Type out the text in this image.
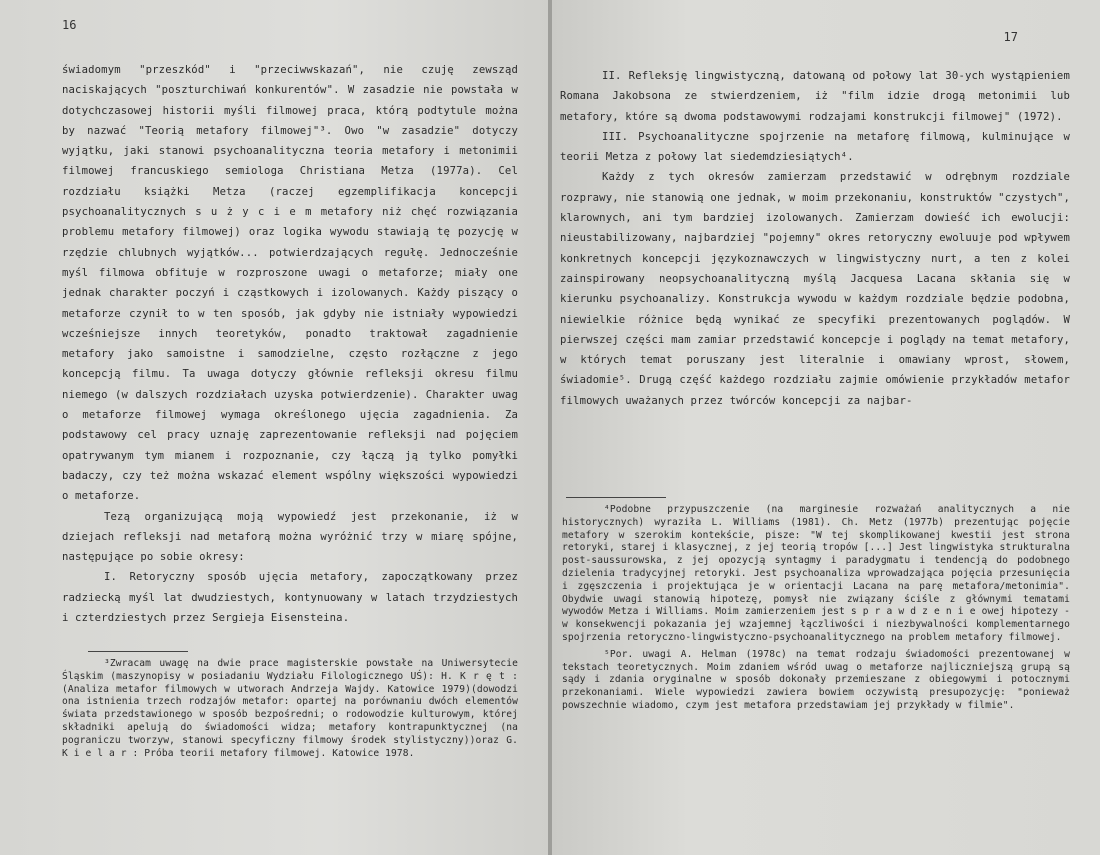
16

świadomym "przeszkód" i "przeciwwskazań", nie czuję zewsząd naciskających "poszturchiwań konkurentów". W zasadzie nie powstała w dotychczasowej historii myśli filmowej praca, którą podtytule można by nazwać "Teorią metafory filmowej"³. Owo "w zasadzie" dotyczy wyjątku, jaki stanowi psychoanalityczna teoria metafory i metonimii filmowej francuskiego semiologa Christiana Metza (1977a). Cel rozdziału książki Metza (raczej egzemplifikacja koncepcji psychoanalitycznych s u ż y c i e m metafory niż chęć rozwiązania problemu metafory filmowej) oraz logika wywodu stawiają tę pozycję w rzędzie chlubnych wyjątków... potwierdzających regułę. Jednocześnie myśl filmowa obfituje w rozproszone uwagi o metaforze; miały one jednak charakter poczyń i cząstkowych i izolowanych. Każdy piszący o metaforze czynił to w ten sposób, jak gdyby nie istniały wypowiedzi wcześniejsze innych teoretyków, ponadto traktował zagadnienie metafory jako samoistne i samodzielne, często rozłączne z jego koncepcją filmu. Ta uwaga dotyczy głównie refleksji okresu filmu niemego (w dalszych rozdziałach uzyska potwierdzenie). Charakter uwag o metaforze filmowej wymaga określonego ujęcia zagadnienia. Za podstawowy cel pracy uznaję zaprezentowanie refleksji nad pojęciem opatrywanym tym mianem i rozpoznanie, czy łączą ją tylko pomyłki badaczy, czy też można wskazać element wspólny większości wypowiedzi o metaforze.

Tezą organizującą moją wypowiedź jest przekonanie, iż w dziejach refleksji nad metaforą można wyróżnić trzy w miarę spójne, następujące po sobie okresy:

I. Retoryczny sposób ujęcia metafory, zapoczątkowany przez radziecką myśl lat dwudziestych, kontynuowany w latach trzydziestych i czterdziestych przez Sergieja Eisensteina.

³Zwracam uwagę na dwie prace magisterskie powstałe na Uniwersytecie Śląskim (maszynopisy w posiadaniu Wydziału Filologicznego UŚ): H. K r ę t : (Analiza metafor filmowych w utworach Andrzeja Wajdy. Katowice 1979)(dowodzi ona istnienia trzech rodzajów metafor: opartej na porównaniu dwóch elementów świata przedstawionego w sposób bezpośredni; o rodowodzie kulturowym, której składniki apelują do świadomości widza; metafory kontrapunktycznej (na pograniczu tworzyw, stanowi specyficzny filmowy środek stylistyczny))oraz G. K i e l a r : Próba teorii metafory filmowej. Katowice 1978.

17

II. Refleksję lingwistyczną, datowaną od połowy lat 30-ych wystąpieniem Romana Jakobsona ze stwierdzeniem, iż "film idzie drogą metonimii lub metafory, które są dwoma podstawowymi rodzajami konstrukcji filmowej" (1972).

III. Psychoanalityczne spojrzenie na metaforę filmową, kulminujące w teorii Metza z połowy lat siedemdziesiątych⁴.

Każdy z tych okresów zamierzam przedstawić w odrębnym rozdziale rozprawy, nie stanowią one jednak, w moim przekonaniu, konstruktów "czystych", klarownych, ani tym bardziej izolowanych. Zamierzam dowieść ich ewolucji: nieustabilizowany, najbardziej "pojemny" okres retoryczny ewoluuje pod wpływem konkretnych koncepcji językoznawczych w lingwistyczny nurt, a ten z kolei zainspirowany neopsychoanalityczną myślą Jacquesa Lacana skłania się w kierunku psychoanalizy. Konstrukcja wywodu w każdym rozdziale będzie podobna, niewielkie różnice będą wynikać ze specyfiki prezentowanych poglądów. W pierwszej części mam zamiar przedstawić koncepcje i poglądy na temat metafory, w których temat poruszany jest literalnie i omawiany wprost, słowem, świadomie⁵. Drugą część każdego rozdziału zajmie omówienie przykładów metafor filmowych uważanych przez twórców koncepcji za najbar-

⁴Podobne przypuszczenie (na marginesie rozważań analitycznych a nie historycznych) wyraziła L. Williams (1981). Ch. Metz (1977b) prezentując pojęcie metafory w szerokim kontekście, pisze: "W tej skomplikowanej kwestii jest strona retoryki, starej i klasycznej, z jej teorią tropów [...] Jest lingwistyka strukturalna post-saussurowska, z jej opozycją syntagmy i paradygmatu i tendencją do podobnego dzielenia tradycyjnej retoryki. Jest psychoanaliza wprowadzająca pojęcia przesunięcia i zgęszczenia i projektująca je w orientacji Lacana na parę metafora/metonimia". Obydwie uwagi stanowią hipotezę, pomysł nie związany ściśle z głównymi tematami wywodów Metza i Williams. Moim zamierzeniem jest s p r a w d z e n i e owej hipotezy - w konsekwencji pokazania jej wzajemnej łączliwości i niezbywalności komplementarnego spojrzenia retoryczno-lingwistyczno-psychoanalitycznego na problem metafory filmowej.

⁵Por. uwagi A. Helman (1978c) na temat rodzaju świadomości prezentowanej w tekstach teoretycznych. Moim zdaniem wśród uwag o metaforze najliczniejszą grupą są sądy i zdania oryginalne w sposób dokonały przemieszane z obiegowymi i potocznymi przekonaniami. Wiele wypowiedzi zawiera bowiem oczywistą presupozycję: "ponieważ powszechnie wiadomo, czym jest metafora przedstawiam jej przykłady w filmie".
